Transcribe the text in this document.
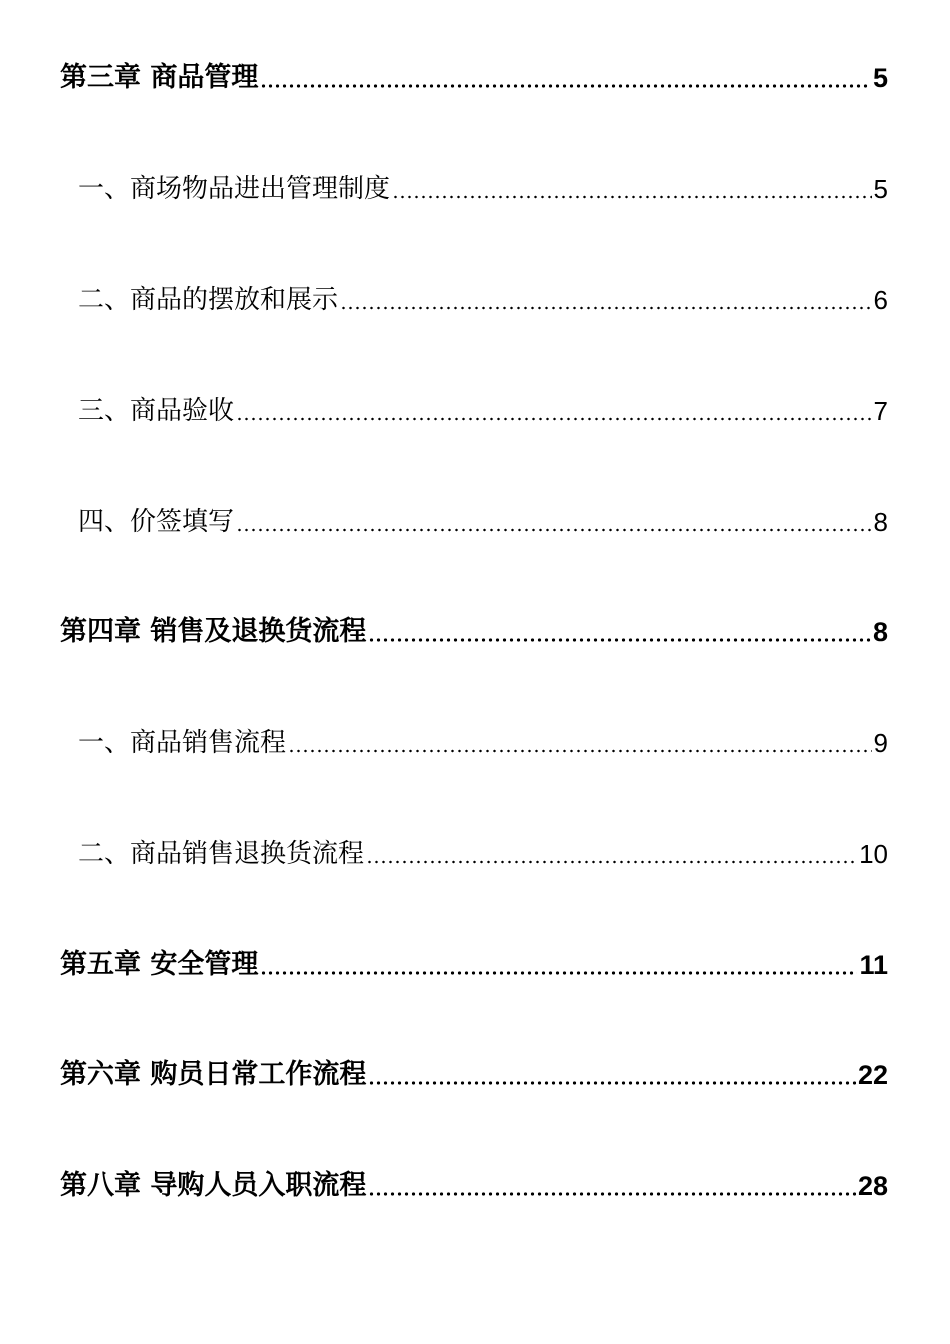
第三章 商品管理	5
一、商场物品进出管理制度	5
二、商品的摆放和展示	6
三、商品验收	7
四、价签填写	8
第四章 销售及退换货流程	8
一、商品销售流程	9
二、商品销售退换货流程	10
第五章 安全管理	11
第六章 购员日常工作流程	22
第八章 导购人员入职流程	28
